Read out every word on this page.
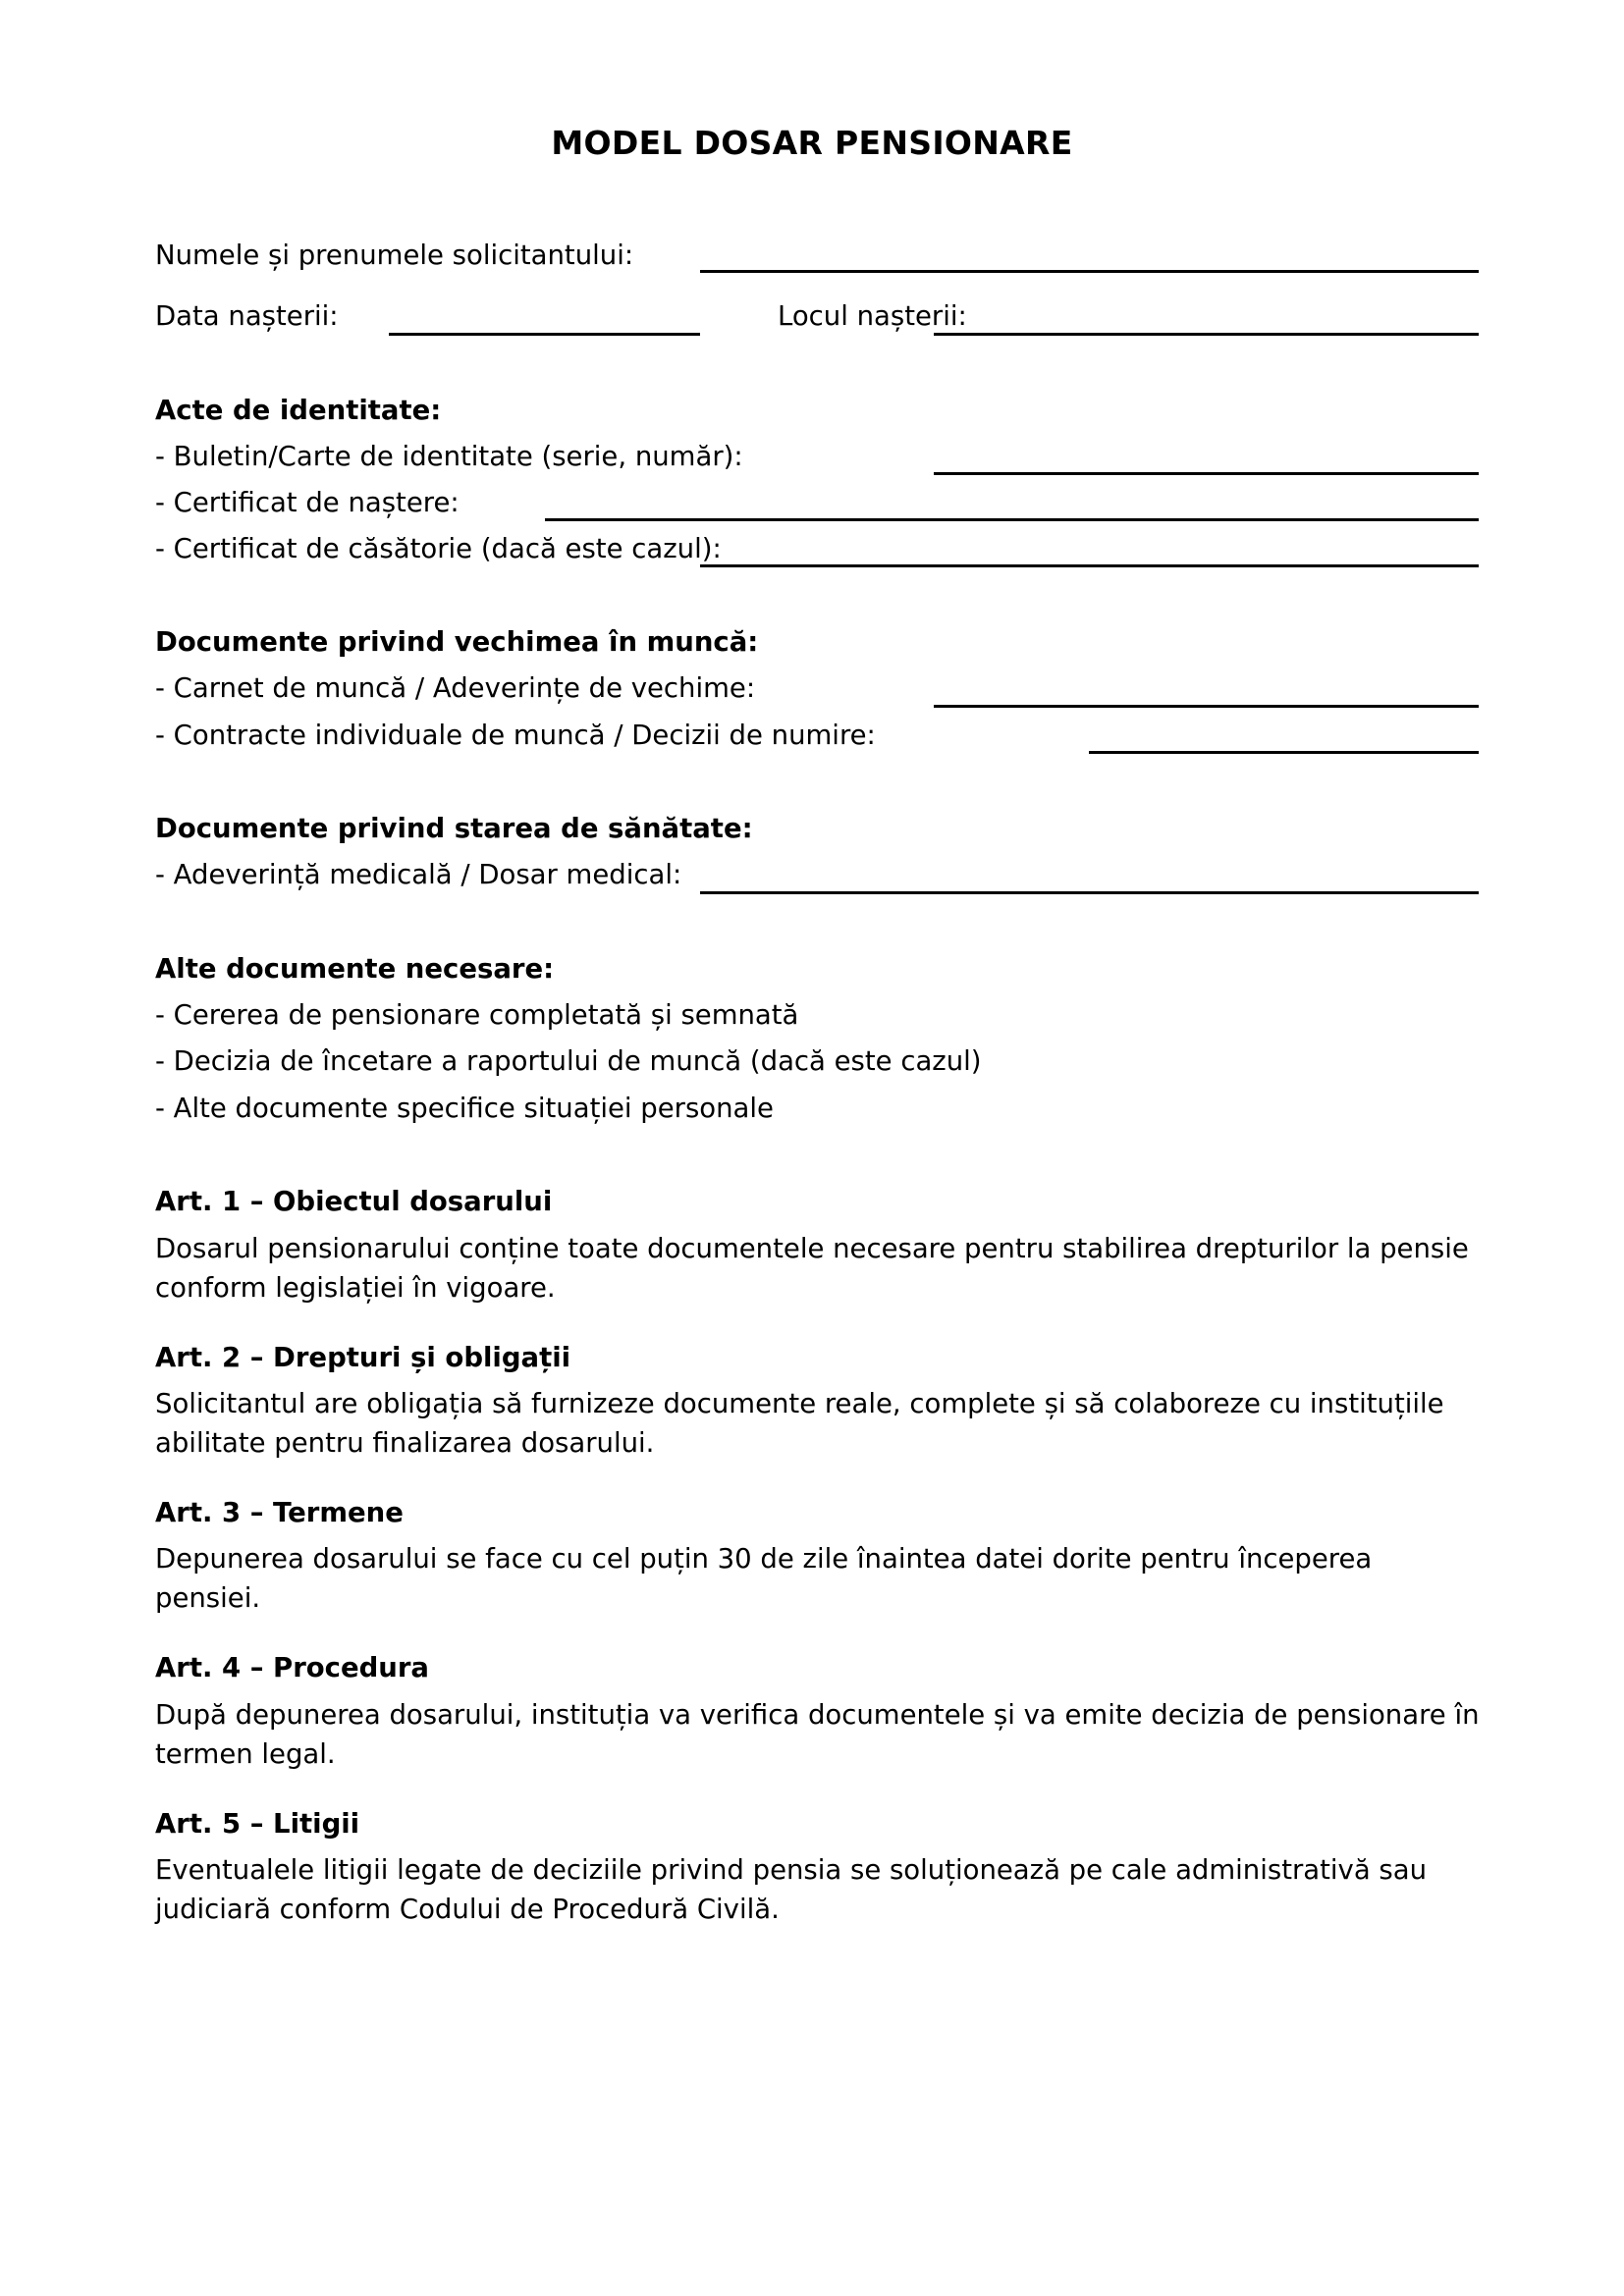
MODEL DOSAR PENSIONARE
Numele și prenumele solicitantului:
Data nașterii:	Locul nașterii:
Acte de identitate:
- Buletin/Carte de identitate (serie, număr):
- Certificat de naștere:
- Certificat de căsătorie (dacă este cazul):
Documente privind vechimea în muncă:
- Carnet de muncă / Adeverințe de vechime:
- Contracte individuale de muncă / Decizii de numire:
Documente privind starea de sănătate:
- Adeverință medicală / Dosar medical:
Alte documente necesare:
- Cererea de pensionare completată și semnată
- Decizia de încetare a raportului de muncă (dacă este cazul)
- Alte documente specifice situației personale
Art. 1 – Obiectul dosarului
Dosarul pensionarului conține toate documentele necesare pentru stabilirea drepturilor la pensie conform legislației în vigoare.
Art. 2 – Drepturi și obligații
Solicitantul are obligația să furnizeze documente reale, complete și să colaboreze cu instituțiile abilitate pentru finalizarea dosarului.
Art. 3 – Termene
Depunerea dosarului se face cu cel puțin 30 de zile înaintea datei dorite pentru începerea pensiei.
Art. 4 – Procedura
După depunerea dosarului, instituția va verifica documentele și va emite decizia de pensionare în termen legal.
Art. 5 – Litigii
Eventualele litigii legate de deciziile privind pensia se soluționează pe cale administrativă sau judiciară conform Codului de Procedură Civilă.
